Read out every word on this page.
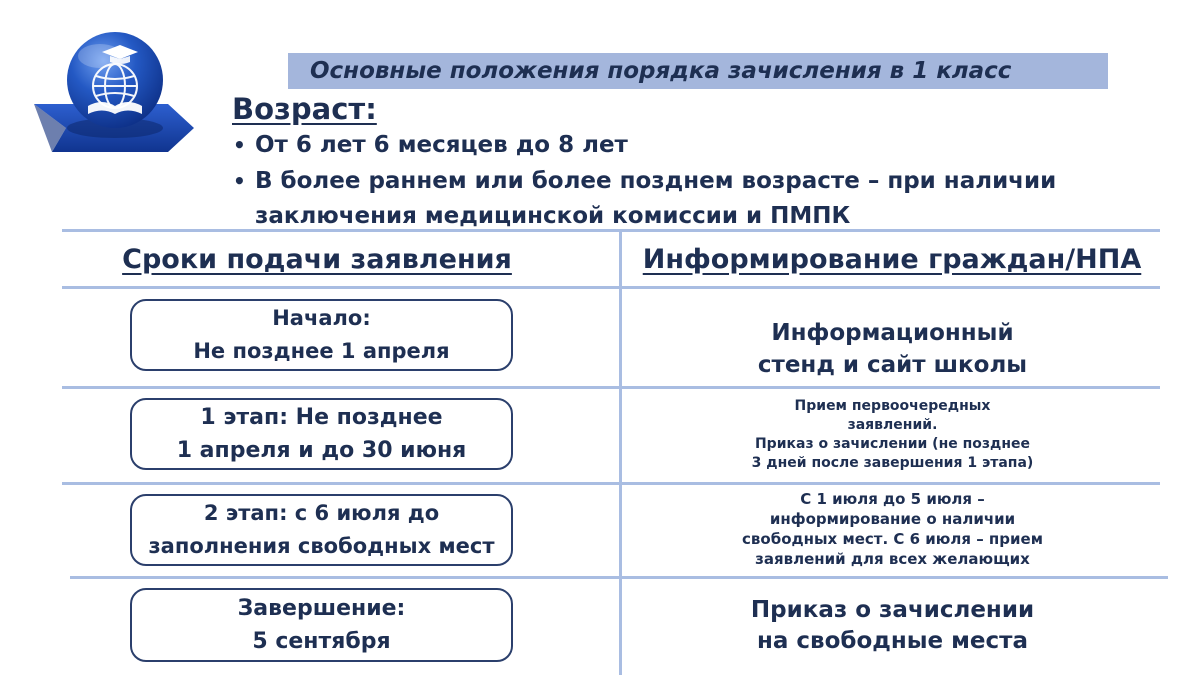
Основные положения порядка зачисления в 1 класс
Возраст:
• От 6 лет 6 месяцев до 8 лет
• В более раннем или более позднем возрасте – при наличии
заключения медицинской комиссии и ПМПК
Сроки подачи заявления	Информирование граждан/НПА
Начало:
Не позднее 1 апреля
1 этап: Не позднее
1 апреля и до 30 июня
2 этап: с 6 июля до
заполнения свободных мест
Завершение:
5 сентября
Информационный
стенд и сайт школы
Прием первоочередных
заявлений.
Приказ о зачислении (не позднее
3 дней после завершения 1 этапа)
С 1 июля до 5 июля –
информирование о наличии
свободных мест. С 6 июля – прием
заявлений для всех желающих
Приказ о зачислении
на свободные места
